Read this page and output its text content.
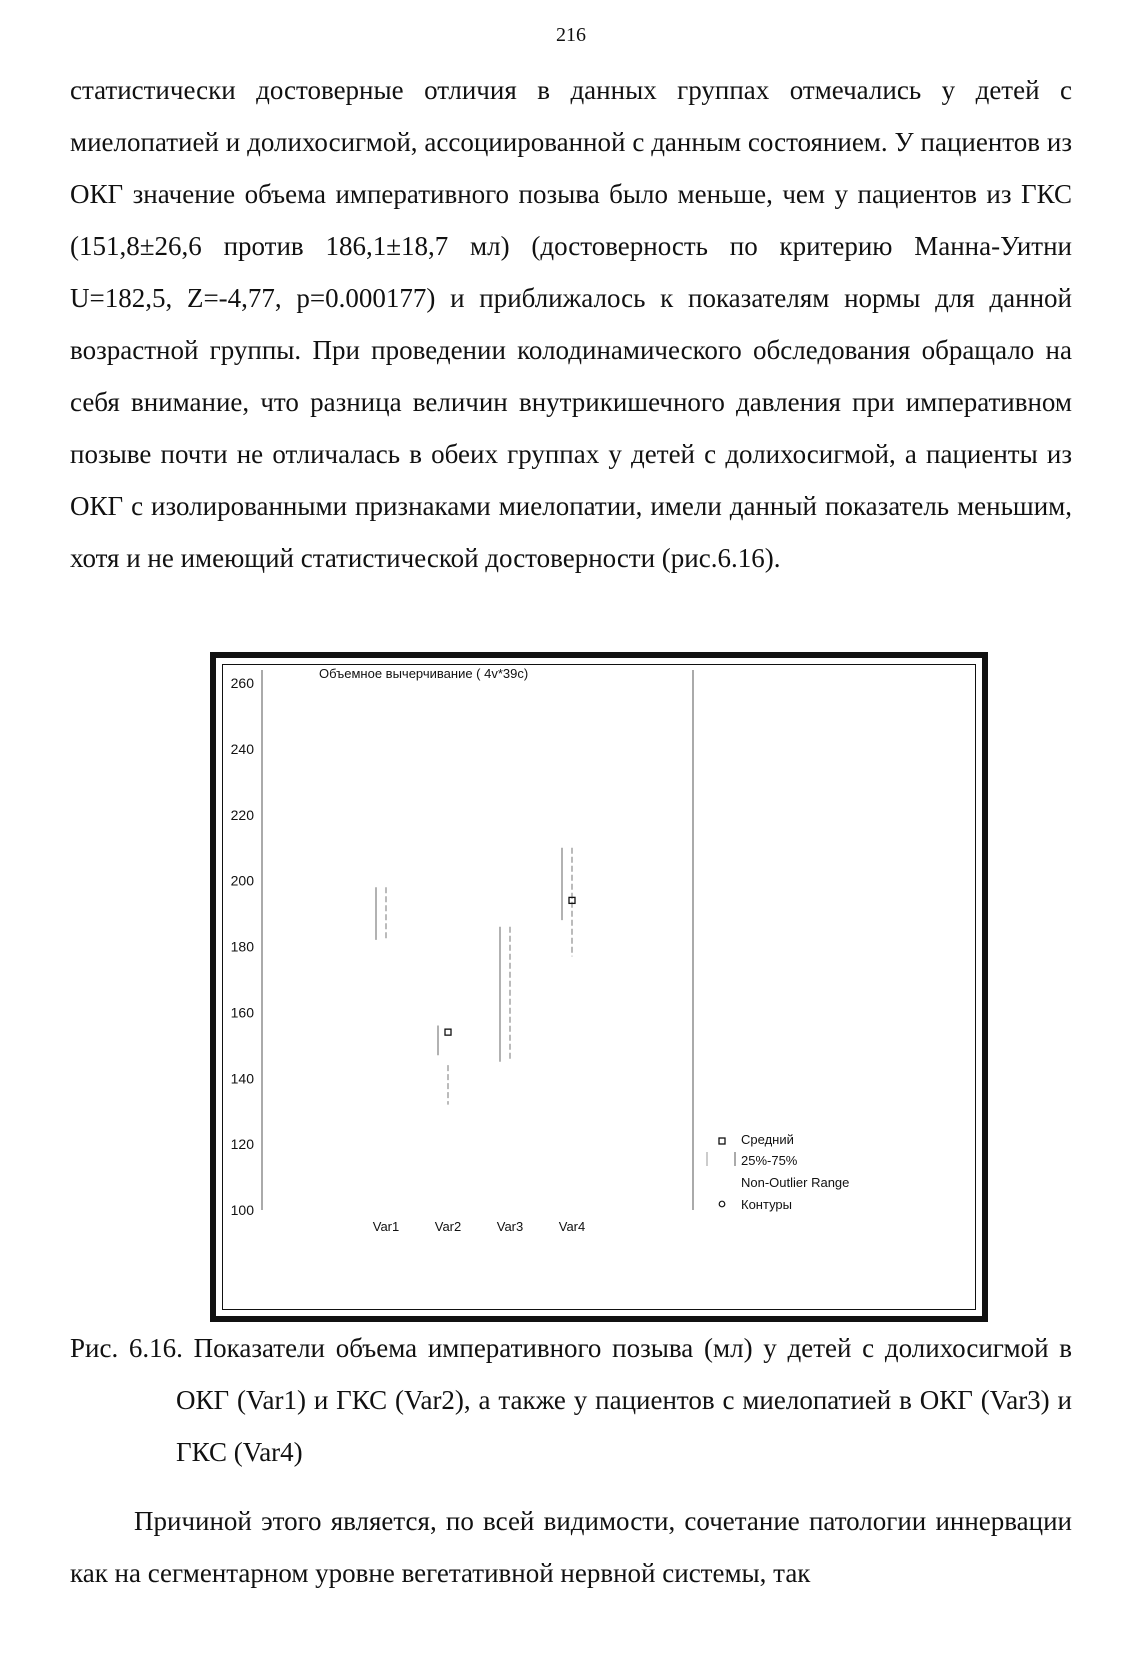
216

статистически достоверные отличия в данных группах отмечались у детей с миелопатией и долихосигмой, ассоциированной с данным состоянием. У пациентов из ОКГ значение объема императивного позыва было меньше, чем у пациентов из ГКС (151,8±26,6 против 186,1±18,7 мл) (достоверность по критерию Манна-Уитни U=182,5, Z=-4,77, p=0.000177) и приближалось к показателям нормы для данной возрастной группы. При проведении колодинамического обследования обращало на себя внимание, что разница величин внутрикишечного давления при императивном позыве почти не отличалась в обеих группах у детей с долихосигмой, а пациенты из ОКГ с изолированными признаками миелопатии, имели данный показатель меньшим, хотя и не имеющий статистической достоверности (рис.6.16).

Объемное вычерчивание ( 4v*39c)
100
120
140
160
180
200
220
240
260
Var1	Var2	Var3	Var4
Средний
25%-75%
Non-Outlier Range
Контуры

Рис. 6.16. Показатели объема императивного позыва (мл) у детей с долихосигмой в ОКГ (Var1) и ГКС (Var2), а также у пациентов с миелопатией в ОКГ (Var3) и ГКС (Var4)

Причиной этого является, по всей видимости, сочетание патологии иннервации как на сегментарном уровне вегетативной нервной системы, так
